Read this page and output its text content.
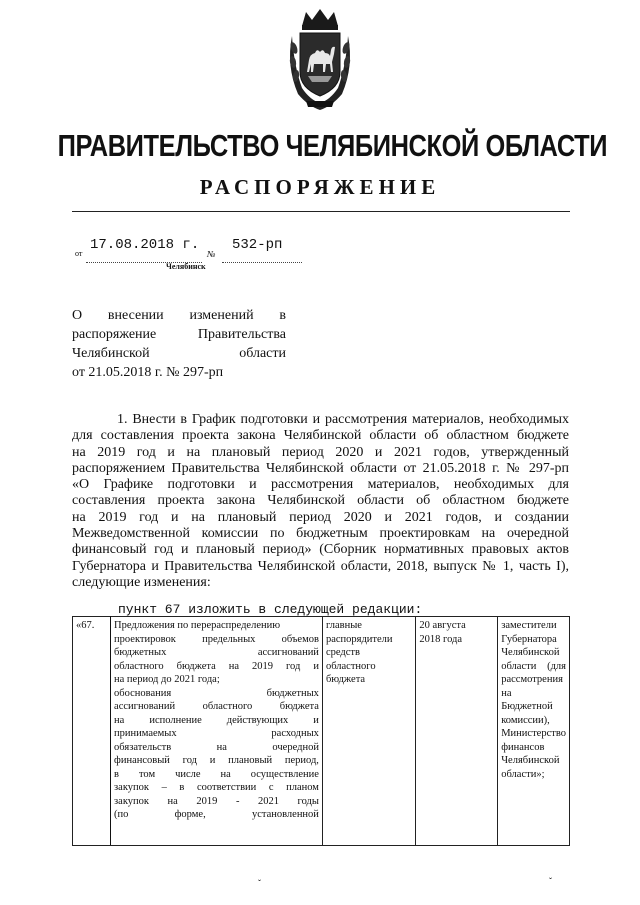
ПРАВИТЕЛЬСТВО ЧЕЛЯБИНСКОЙ ОБЛАСТИ
РАСПОРЯЖЕНИЕ
от
17.08.2018 г.
№
532-рп
Челябинск
О внесении изменений в
распоряжение Правительства
Челябинской области
от 21.05.2018 г. № 297-рп
1. Внести в График подготовки и рассмотрения материалов, необходимых
для составления проекта закона Челябинской области об областном бюджете
на 2019 год и на плановый период 2020 и 2021 годов, утвержденный
распоряжением Правительства Челябинской области от 21.05.2018 г. № 297-рп
«О Графике подготовки и рассмотрения материалов, необходимых для
составления проекта закона Челябинской области об областном бюджете
на 2019 год и на плановый период 2020 и 2021 годов, и создании
Межведомственной комиссии по бюджетным проектировкам на очередной
финансовый год и плановый период» (Сборник нормативных правовых актов
Губернатора и Правительства Челябинской области, 2018, выпуск № 1, часть I),
следующие изменения:
пункт 67 изложить в следующей редакции:
«67.	Предложения по перераспределению
проектировок предельных объемов
бюджетных ассигнований
областного бюджета на 2019 год и
на период до 2021 года;
обоснования бюджетных
ассигнований областного бюджета
на исполнение действующих и
принимаемых расходных
обязательств на очередной
финансовый год и плановый период,
в том числе на осуществление
закупок – в соответствии с планом
закупок на 2019 - 2021 годы
(по форме, установленной

главные
распорядители
средств
областного
бюджета

20 августа
2018 года

заместители
Губернатора
Челябинской
области (для
рассмотрения
на
Бюджетной
комиссии),
Министерство
финансов
Челябинской
области»;
ˇ	ˇ
